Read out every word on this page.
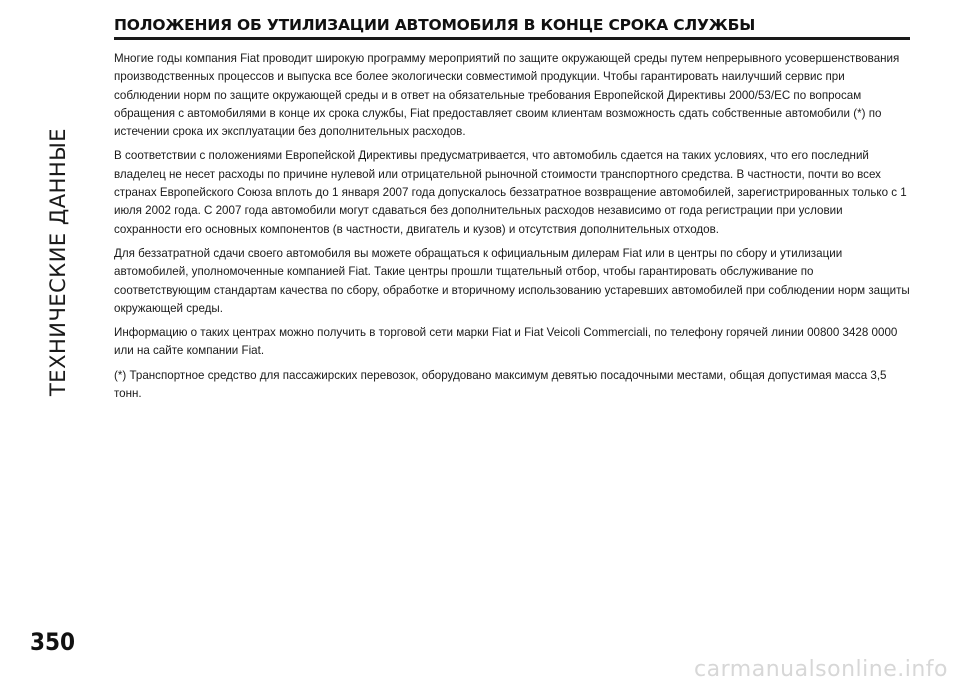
ТЕХНИЧЕСКИЕ ДАННЫЕ
ПОЛОЖЕНИЯ ОБ УТИЛИЗАЦИИ АВТОМОБИЛЯ В КОНЦЕ СРОКА СЛУЖБЫ

Многие годы компания Fiat проводит широкую программу мероприятий по защите окружающей среды путем непрерывного усовершенствования производственных процессов и выпуска все более экологически совместимой продукции. Чтобы гарантировать наилучший сервис при соблюдении норм по защите окружающей среды и в ответ на обязательные требования Европейской Директивы 2000/53/ЕС по вопросам обращения с автомобилями в конце их срока службы, Fiat предоставляет своим клиентам возможность сдать собственные автомобили (*) по истечении срока их эксплуатации без дополнительных расходов.

В соответствии с положениями Европейской Директивы предусматривается, что автомобиль сдается на таких условиях, что его последний владелец не несет расходы по причине нулевой или отрицательной рыночной стоимости транспортного средства. В частности, почти во всех странах Европейского Союза вплоть до 1 января 2007 года допускалось беззатратное возвращение автомобилей, зарегистрированных только с 1 июля 2002 года. С 2007 года автомобили могут сдаваться без дополнительных расходов независимо от года регистрации при условии сохранности его основных компонентов (в частности, двигатель и кузов) и отсутствия дополнительных отходов.

Для беззатратной сдачи своего автомобиля вы можете обращаться к официальным дилерам Fiat или в центры по сбору и утилизации автомобилей, уполномоченные компанией Fiat. Такие центры прошли тщательный отбор, чтобы гарантировать обслуживание по соответствующим стандартам качества по сбору, обработке и вторичному использованию устаревших автомобилей при соблюдении норм защиты окружающей среды.

Информацию о таких центрах можно получить в торговой сети марки Fiat и Fiat Veicoli Commerciali, по телефону горячей линии 00800 3428 0000 или на сайте компании Fiat.

(*) Транспортное средство для пассажирских перевозок, оборудовано максимум девятью посадочными местами, общая допустимая масса 3,5 тонн.

350
carmanualsonline.info
